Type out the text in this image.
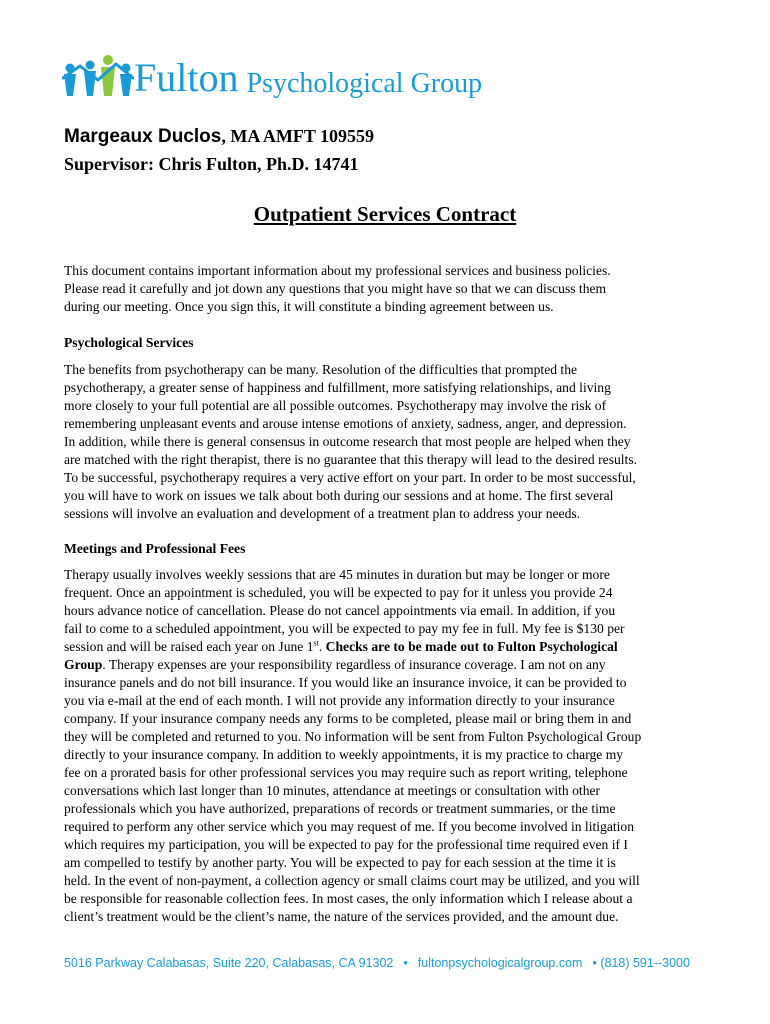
Fulton Psychological Group
Margeaux Duclos, MA AMFT 109559
Supervisor: Chris Fulton, Ph.D. 14741
Outpatient Services Contract
This document contains important information about my professional services and business policies.
Please read it carefully and jot down any questions that you might have so that we can discuss them
during our meeting. Once you sign this, it will constitute a binding agreement between us.
Psychological Services
The benefits from psychotherapy can be many. Resolution of the difficulties that prompted the
psychotherapy, a greater sense of happiness and fulfillment, more satisfying relationships, and living
more closely to your full potential are all possible outcomes. Psychotherapy may involve the risk of
remembering unpleasant events and arouse intense emotions of anxiety, sadness, anger, and depression.
In addition, while there is general consensus in outcome research that most people are helped when they
are matched with the right therapist, there is no guarantee that this therapy will lead to the desired results.
To be successful, psychotherapy requires a very active effort on your part. In order to be most successful,
you will have to work on issues we talk about both during our sessions and at home. The first several
sessions will involve an evaluation and development of a treatment plan to address your needs.
Meetings and Professional Fees
Therapy usually involves weekly sessions that are 45 minutes in duration but may be longer or more
frequent. Once an appointment is scheduled, you will be expected to pay for it unless you provide 24
hours advance notice of cancellation. Please do not cancel appointments via email. In addition, if you
fail to come to a scheduled appointment, you will be expected to pay my fee in full. My fee is $130 per
session and will be raised each year on June 1st. Checks are to be made out to Fulton Psychological
Group. Therapy expenses are your responsibility regardless of insurance coverage. I am not on any
insurance panels and do not bill insurance. If you would like an insurance invoice, it can be provided to
you via e-mail at the end of each month. I will not provide any information directly to your insurance
company. If your insurance company needs any forms to be completed, please mail or bring them in and
they will be completed and returned to you. No information will be sent from Fulton Psychological Group
directly to your insurance company. In addition to weekly appointments, it is my practice to charge my
fee on a prorated basis for other professional services you may require such as report writing, telephone
conversations which last longer than 10 minutes, attendance at meetings or consultation with other
professionals which you have authorized, preparations of records or treatment summaries, or the time
required to perform any other service which you may request of me. If you become involved in litigation
which requires my participation, you will be expected to pay for the professional time required even if I
am compelled to testify by another party. You will be expected to pay for each session at the time it is
held. In the event of non-payment, a collection agency or small claims court may be utilized, and you will
be responsible for reasonable collection fees. In most cases, the only information which I release about a
client’s treatment would be the client’s name, the nature of the services provided, and the amount due.
5016 Parkway Calabasas, Suite 220, Calabasas, CA 91302 • fultonpsychologicalgroup.com • (818) 591--3000
